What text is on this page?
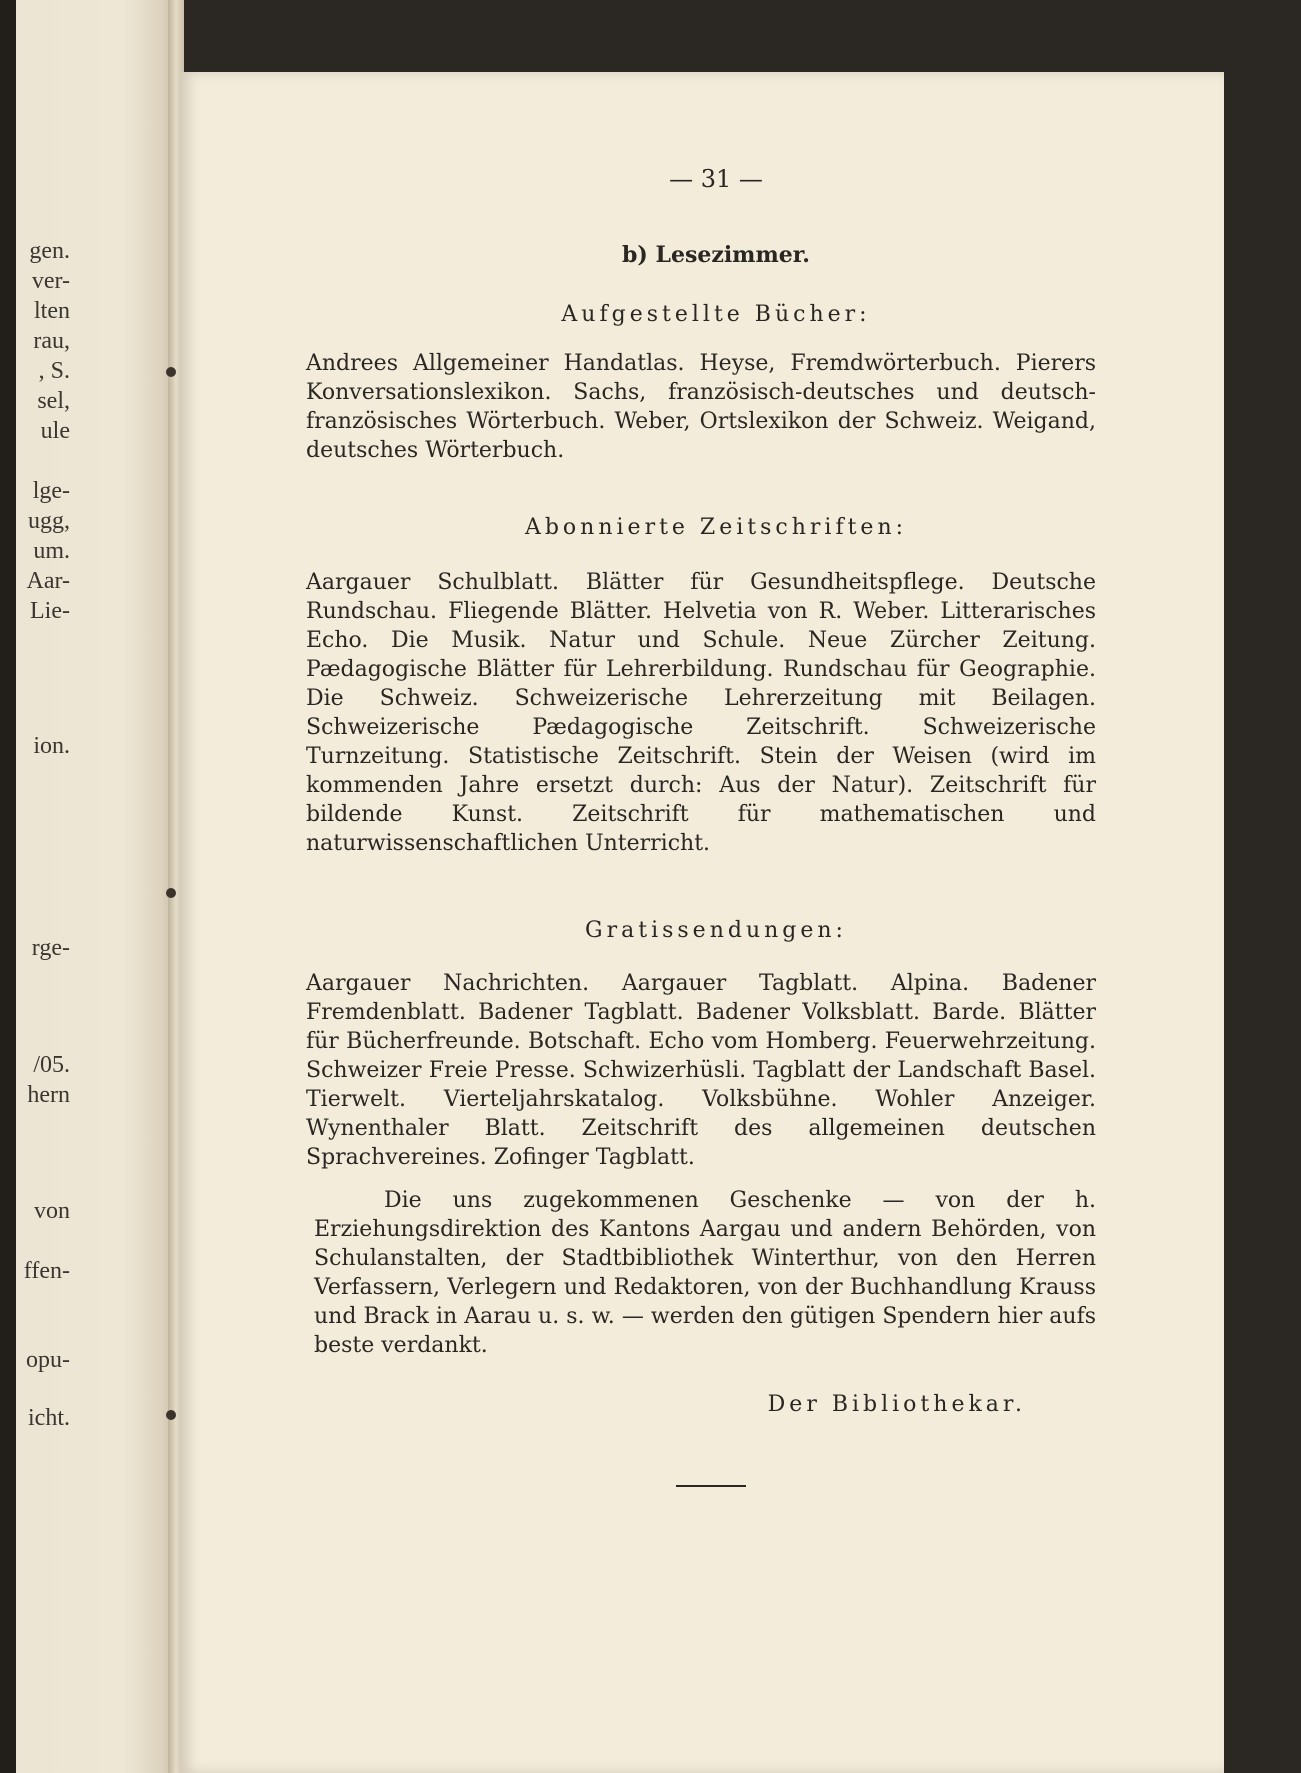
gen.
ver-
lten
rau,
, S.
sel,
ule
lge-
ugg,
um.
Aar-
Lie-
ion.
rge-
/05.
hern
von
ffen-
opu-
icht.
— 31 —
b) Lesezimmer.
Aufgestellte Bücher:

Andrees Allgemeiner Handatlas. Heyse, Fremdwörterbuch. Pierers Konversationslexikon. Sachs, französisch-deutsches und deutsch-französisches Wörterbuch. Weber, Ortslexikon der Schweiz. Weigand, deutsches Wörterbuch.

Abonnierte Zeitschriften:

Aargauer Schulblatt. Blätter für Gesundheitspflege. Deutsche Rundschau. Fliegende Blätter. Helvetia von R. Weber. Litterarisches Echo. Die Musik. Natur und Schule. Neue Zürcher Zeitung. Pædagogische Blätter für Lehrerbildung. Rundschau für Geographie. Die Schweiz. Schweizerische Lehrerzeitung mit Beilagen. Schweizerische Pædagogische Zeitschrift. Schweizerische Turnzeitung. Statistische Zeitschrift. Stein der Weisen (wird im kommenden Jahre ersetzt durch: Aus der Natur). Zeitschrift für bildende Kunst. Zeitschrift für mathematischen und naturwissenschaftlichen Unterricht.

Gratissendungen:

Aargauer Nachrichten. Aargauer Tagblatt. Alpina. Badener Fremdenblatt. Badener Tagblatt. Badener Volksblatt. Barde. Blätter für Bücherfreunde. Botschaft. Echo vom Homberg. Feuerwehrzeitung. Schweizer Freie Presse. Schwizerhüsli. Tagblatt der Landschaft Basel. Tierwelt. Vierteljahrskatalog. Volksbühne. Wohler Anzeiger. Wynenthaler Blatt. Zeitschrift des allgemeinen deutschen Sprachvereines. Zofinger Tagblatt.

Die uns zugekommenen Geschenke — von der h. Erziehungsdirektion des Kantons Aargau und andern Behörden, von Schulanstalten, der Stadtbibliothek Winterthur, von den Herren Verfassern, Verlegern und Redaktoren, von der Buchhandlung Krauss und Brack in Aarau u. s. w. — werden den gütigen Spendern hier aufs beste verdankt.

Der Bibliothekar.
